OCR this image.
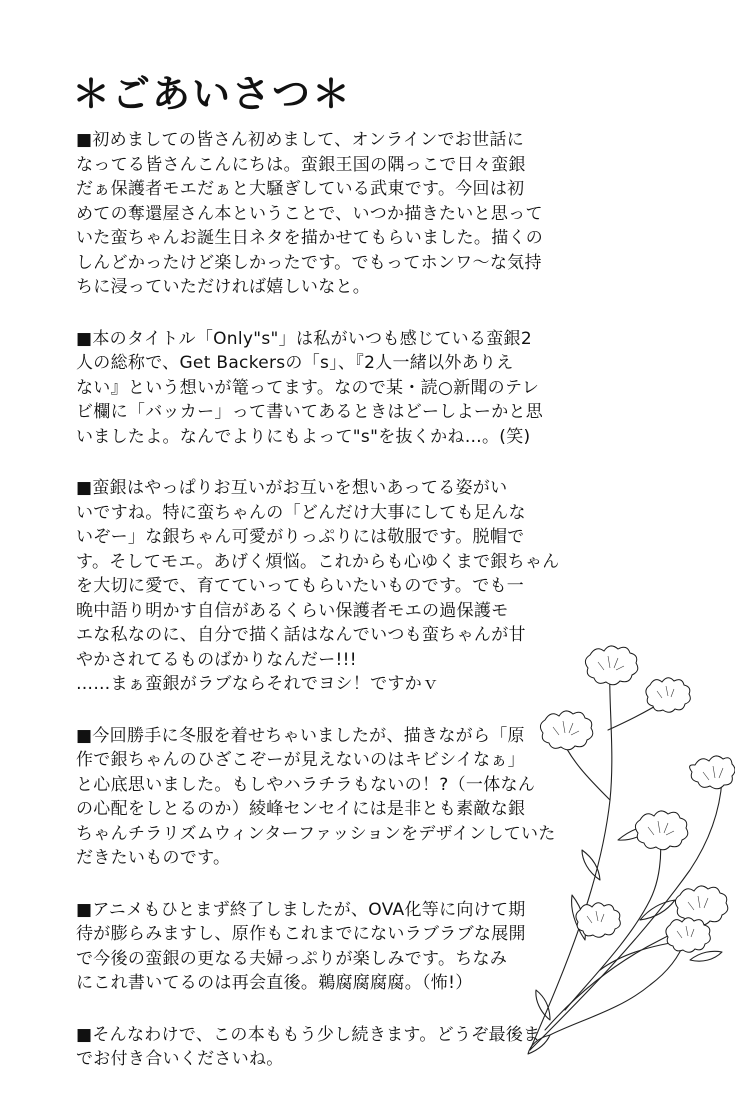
＊ごあいさつ＊
■初めましての皆さん初めまして、オンラインでお世話に
なってる皆さんこんにちは。蛮銀王国の隅っこで日々蛮銀
だぁ保護者モエだぁと大騒ぎしている武東です。今回は初
めての奪還屋さん本ということで、いつか描きたいと思って
いた蛮ちゃんお誕生日ネタを描かせてもらいました。描くの
しんどかったけど楽しかったです。でもってホンワ～な気持
ちに浸っていただければ嬉しいなと。
■本のタイトル「Only"s"」は私がいつも感じている蛮銀2
人の総称で、Get Backersの「s」、『2人一緒以外ありえ
ない』という想いが篭ってます。なので某・読○新聞のテレ
ビ欄に「バッカー」って書いてあるときはどーしよーかと思
いましたよ。なんでよりにもよって"s"を抜くかね…。(笑)
■蛮銀はやっぱりお互いがお互いを想いあってる姿がい
いですね。特に蛮ちゃんの「どんだけ大事にしても足んな
いぞー」な銀ちゃん可愛がりっぷりには敬服です。脱帽で
す。そしてモエ。あげく煩悩。これからも心ゆくまで銀ちゃん
を大切に愛で、育てていってもらいたいものです。でも一
晩中語り明かす自信があるくらい保護者モエの過保護モ
エな私なのに、自分で描く話はなんでいつも蛮ちゃんが甘
やかされてるものばかりなんだー!!!
……まぁ蛮銀がラブならそれでヨシ！ですかｖ
■今回勝手に冬服を着せちゃいましたが、描きながら「原
作で銀ちゃんのひざこぞーが見えないのはキビシイなぁ」
と心底思いました。もしやハラチラもないの！?（一体なん
の心配をしとるのか）綾峰センセイには是非とも素敵な銀
ちゃんチラリズムウィンターファッションをデザインしていた
だきたいものです。
■アニメもひとまず終了しましたが、OVA化等に向けて期
待が膨らみますし、原作もこれまでにないラブラブな展開
で今後の蛮銀の更なる夫婦っぷりが楽しみです。ちなみ
にこれ書いてるのは再会直後。鵜腐腐腐腐。（怖!）
■そんなわけで、この本ももう少し続きます。どうぞ最後ま
でお付き合いくださいね。
